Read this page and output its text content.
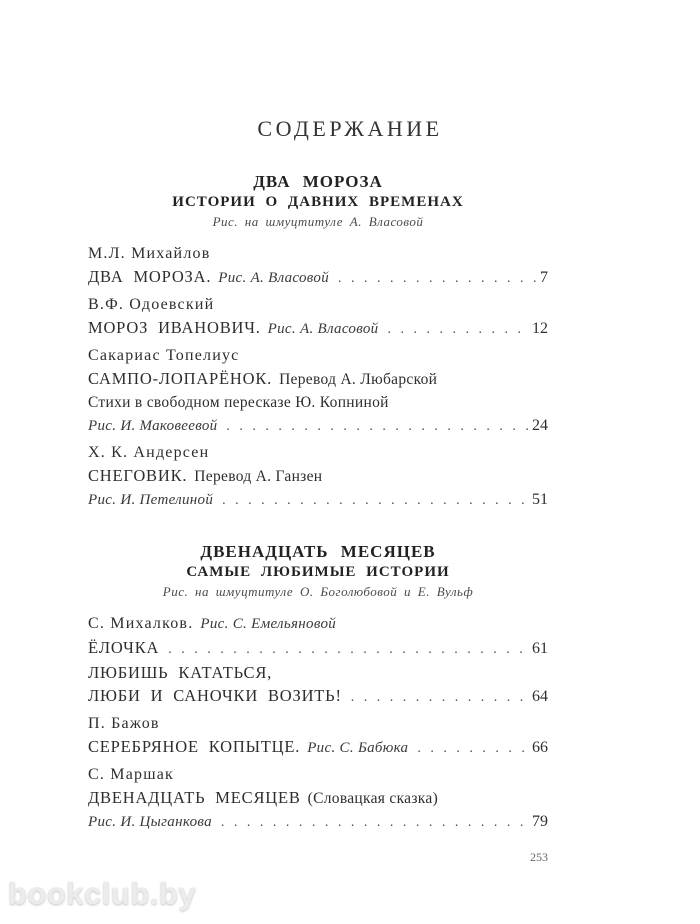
СОДЕРЖАНИЕ
ДВА МОРОЗА
ИСТОРИИ О ДАВНИХ ВРЕМЕНАХ
Рис. на шмуцтитуле А. Власовой
М.Л. Михайлов
ДВА МОРОЗА. Рис. А. Власовой . . .	7
В.Ф. Одоевский
МОРОЗ ИВАНОВИЧ. Рис. А. Власовой . . .	12
Сакариас Топелиус
САМПО-ЛОПАРЁНОК. Перевод А. Любарской
Стихи в свободном пересказе Ю. Копниной
Рис. И. Маковеевой . . .	24
Х. К. Андерсен
СНЕГОВИК. Перевод А. Ганзен
Рис. И. Петелиной . . .	51
ДВЕНАДЦАТЬ МЕСЯЦЕВ
САМЫЕ ЛЮБИМЫЕ ИСТОРИИ
Рис. на шмуцтитуле О. Боголюбовой и Е. Вульф
С. Михалков. Рис. С. Емельяновой
ЁЛОЧКА . . .	61
ЛЮБИШЬ КАТАТЬСЯ,
ЛЮБИ И САНОЧКИ ВОЗИТЬ! . . .	64
П. Бажов
СЕРЕБРЯНОЕ КОПЫТЦЕ. Рис. С. Бабюка . . .	66
С. Маршак
ДВЕНАДЦАТЬ МЕСЯЦЕВ (Словацкая сказка)
Рис. И. Цыганкова . . .	79
253
bookclub.by
